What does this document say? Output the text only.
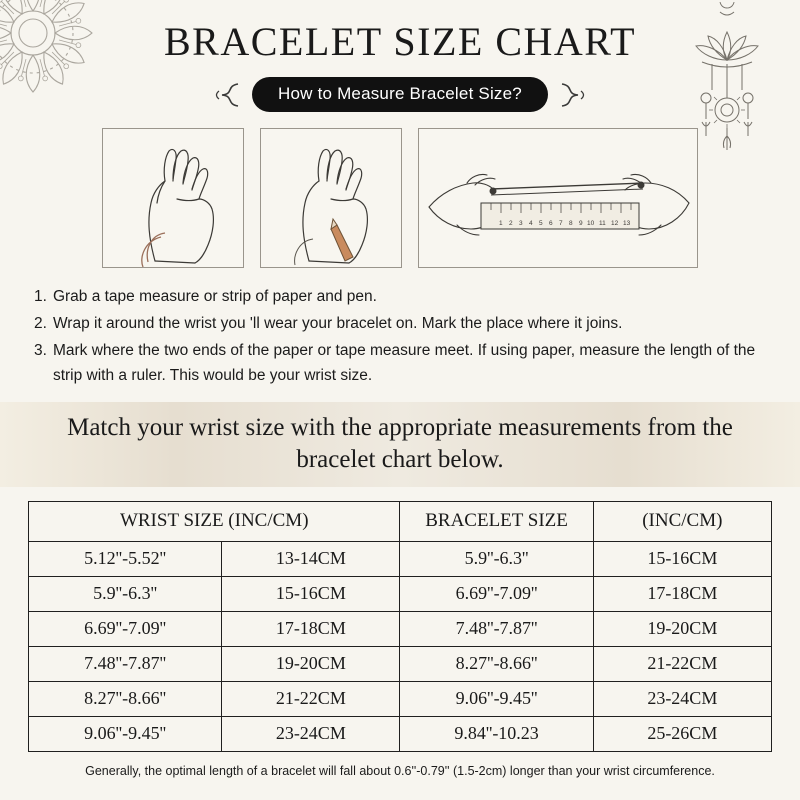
BRACELET SIZE CHART
How to Measure Bracelet Size?
1 2 3 4 5 6 7 8 9 10 11 12 13
1. Grab a tape measure or strip of paper and pen.
2. Wrap it around the wrist you 'll wear your bracelet on. Mark the place where it joins.
3. Mark where the two ends of the paper or tape measure meet. If using paper, measure the length of the strip with a ruler. This would be your wrist size.
Match your wrist size with the appropriate measurements from the bracelet chart below.
WRIST SIZE (INC/CM)		BRACELET SIZE	(INC/CM)
5.12''-5.52''	13-14CM	5.9''-6.3''	15-16CM
5.9''-6.3''	15-16CM	6.69''-7.09''	17-18CM
6.69''-7.09''	17-18CM	7.48''-7.87''	19-20CM
7.48''-7.87''	19-20CM	8.27''-8.66''	21-22CM
8.27''-8.66''	21-22CM	9.06''-9.45''	23-24CM
9.06''-9.45''	23-24CM	9.84''-10.23	25-26CM
Generally, the optimal length of a bracelet will fall about 0.6''-0.79'' (1.5-2cm) longer than your wrist circumference.
